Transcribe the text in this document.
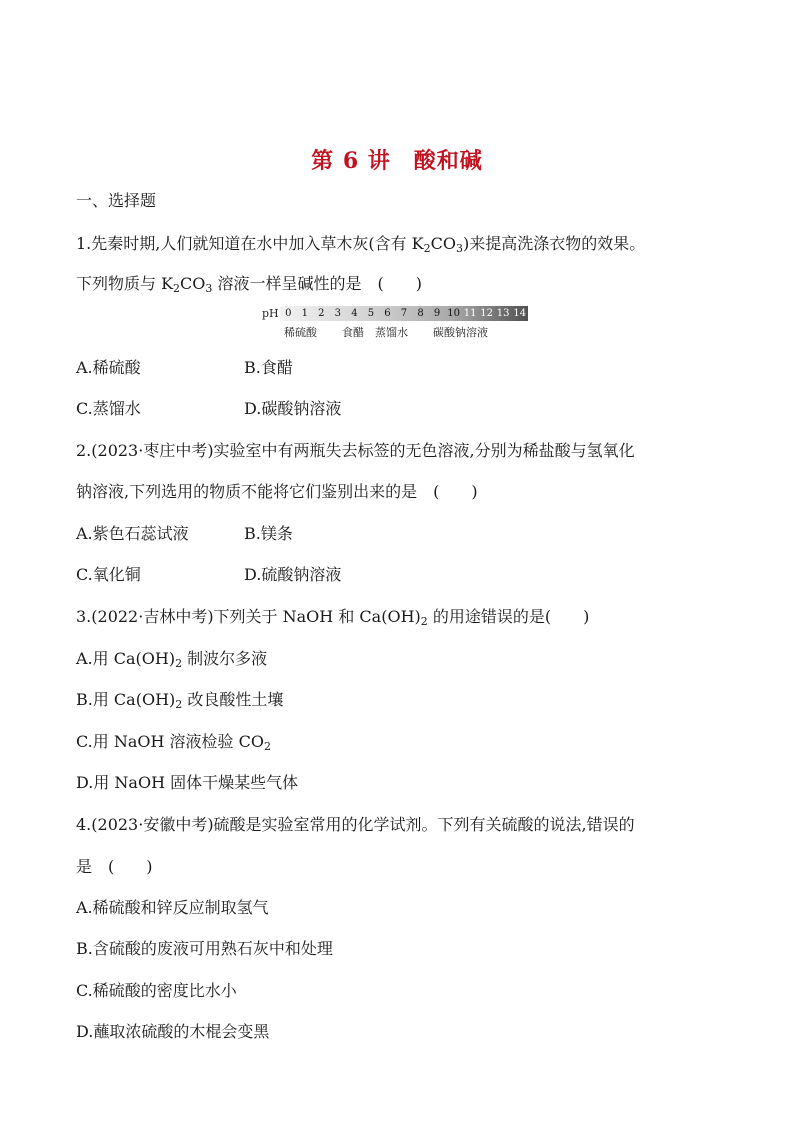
第 6 讲　酸和碱
一、选择题
1.先秦时期,人们就知道在水中加入草木灰(含有 $K_2CO_3$)来提高洗涤衣物的效果。
下列物质与 $K_2CO_3$ 溶液一样呈碱性的是　(　　)
pH 0	1	2	3	4	5	6	7	8	9 10 11 12 13 14
稀硫酸 食醋 蒸馏水 碳酸钠溶液
A.稀硫酸	B.食醋
C.蒸馏水	D.碳酸钠溶液
2.(2023·枣庄中考)实验室中有两瓶失去标签的无色溶液,分别为稀盐酸与氢氧化
钠溶液,下列选用的物质不能将它们鉴别出来的是　(　　)
A.紫色石蕊试液	B.镁条
C.氧化铜	D.硫酸钠溶液
3.(2022·吉林中考)下列关于 NaOH 和 $Ca(OH)_2$ 的用途错误的是(　　)
A.用 $Ca(OH)_2$ 制波尔多液
B.用 $Ca(OH)_2$ 改良酸性土壤
C.用 NaOH 溶液检验 $CO_2$
D.用 NaOH 固体干燥某些气体
4.(2023·安徽中考)硫酸是实验室常用的化学试剂。下列有关硫酸的说法,错误的
是　(　　)
A.稀硫酸和锌反应制取氢气
B.含硫酸的废液可用熟石灰中和处理
C.稀硫酸的密度比水小
D.蘸取浓硫酸的木棍会变黑
